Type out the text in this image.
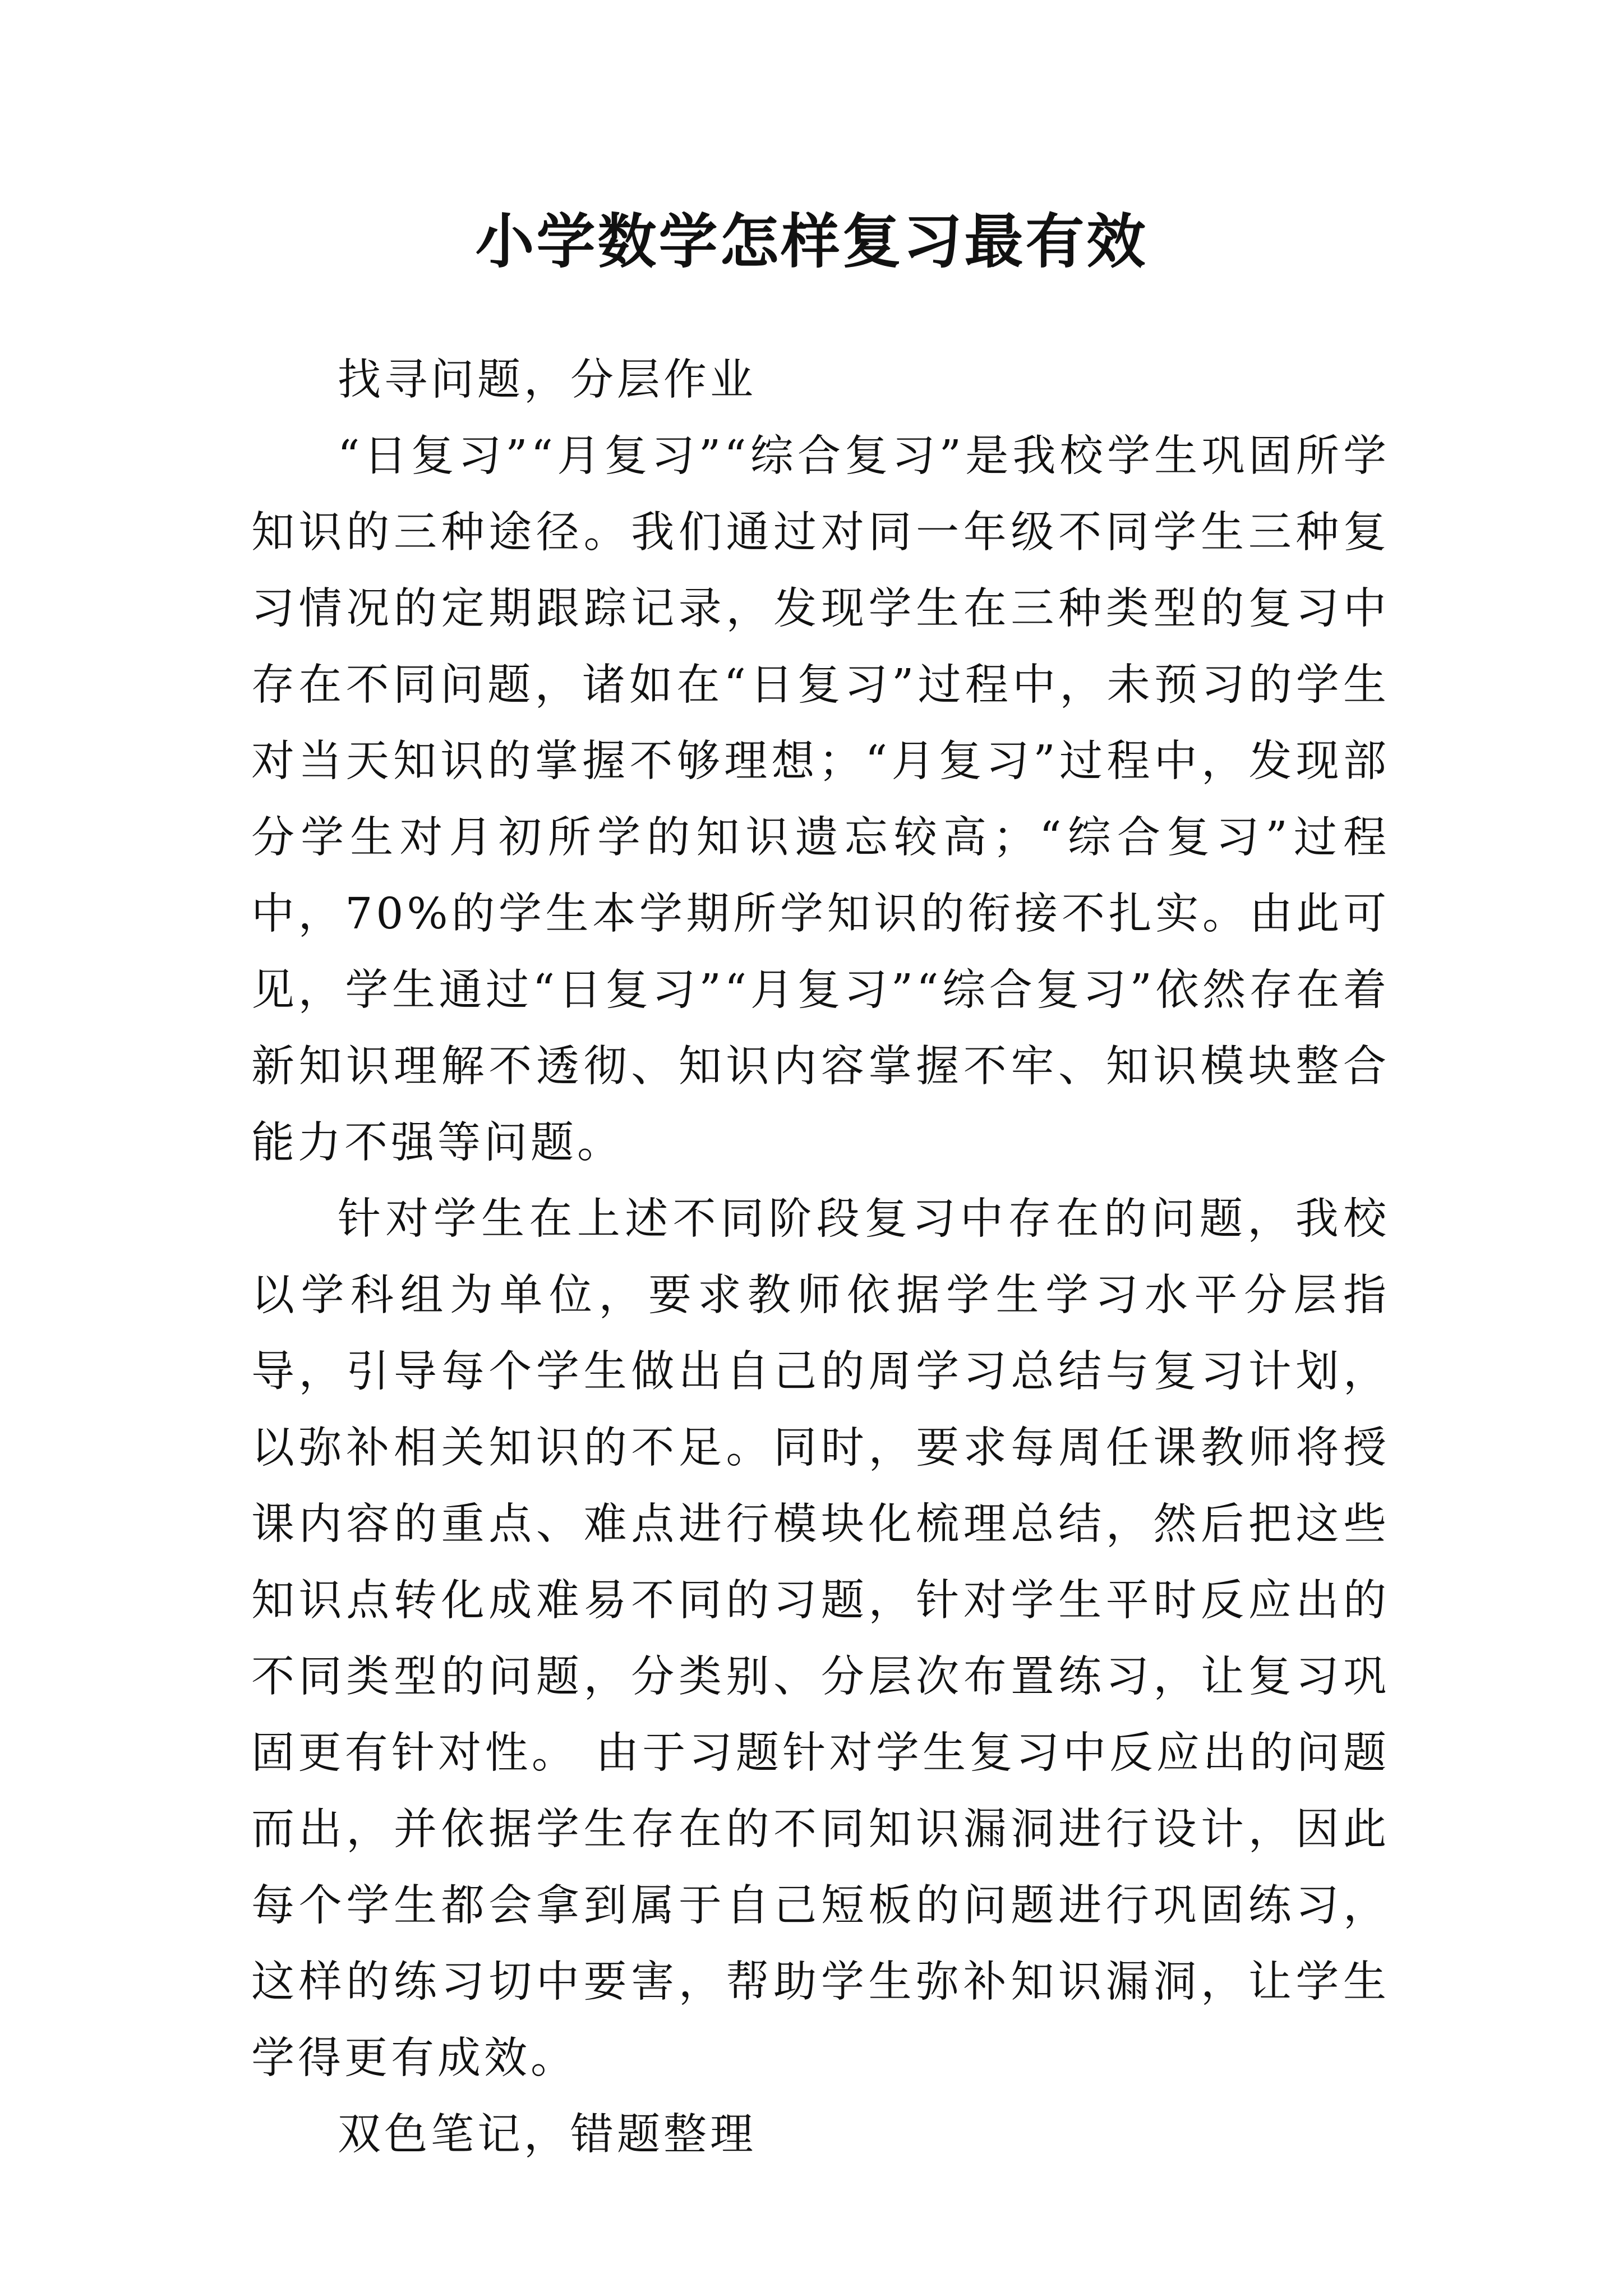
小学数学怎样复习最有效

找寻问题，分层作业

“日复习”“月复习”“综合复习”是我校学生巩固所学知识的三种途径。我们通过对同一年级不同学生三种复习情况的定期跟踪记录，发现学生在三种类型的复习中存在不同问题，诸如在“日复习”过程中，未预习的学生对当天知识的掌握不够理想；“月复习”过程中，发现部分学生对月初所学的知识遗忘较高；“综合复习”过程中，70%的学生本学期所学知识的衔接不扎实。由此可见，学生通过“日复习”“月复习”“综合复习”依然存在着新知识理解不透彻、知识内容掌握不牢、知识模块整合能力不强等问题。

针对学生在上述不同阶段复习中存在的问题，我校以学科组为单位，要求教师依据学生学习水平分层指导，引导每个学生做出自己的周学习总结与复习计划，以弥补相关知识的不足。同时，要求每周任课教师将授课内容的重点、难点进行模块化梳理总结，然后把这些知识点转化成难易不同的习题，针对学生平时反应出的不同类型的问题，分类别、分层次布置练习，让复习巩固更有针对性。 由于习题针对学生复习中反应出的问题而出，并依据学生存在的不同知识漏洞进行设计，因此每个学生都会拿到属于自己短板的问题进行巩固练习，这样的练习切中要害，帮助学生弥补知识漏洞，让学生学得更有成效。

双色笔记，错题整理
